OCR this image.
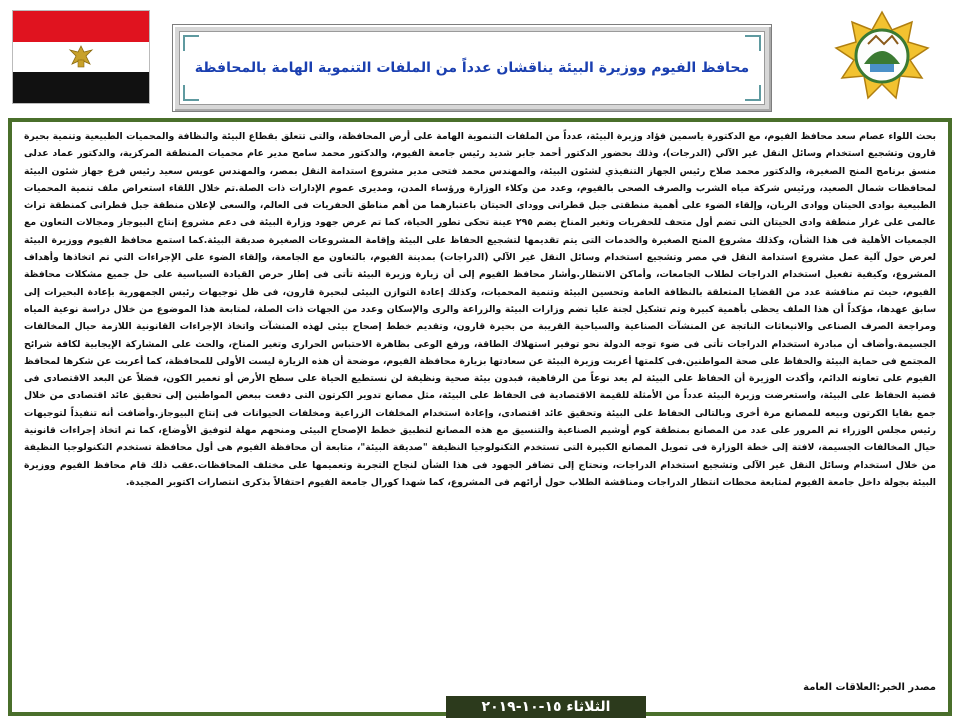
محافظ الفيوم ووزيرة البيئة يناقشان عدداً من الملفات التنموية الهامة بالمحافظة
بحث اللواء عصام سعد محافظ الفيوم، مع الدكتورة ياسمين فؤاد وزيرة البيئة، عدداً من الملفات التنموية الهامة على أرض المحافظة، والتى تتعلق بقطاع البيئة والنظافة والمحميات الطبيعية وتنمية بحيرة قارون وتشجيع استخدام وسائل النقل غير الآلي (الدرجات)، وذلك بحضور الدكتور أحمد جابر شديد رئيس جامعة الفيوم، والدكتور محمد سامح مدير عام محميات المنطقة المركزية، والدكتور عماد عدلى منسق برنامج المنح الصغيرة، والدكتور محمد صلاح رئيس الجهاز التنفيذي لشئون البيئة، والمهندس محمد فتحى مدير مشروع استدامة النقل بمصر، والمهندس عويس سعيد رئيس فرع جهاز شئون البيئة لمحافظات شمال الصعيد، ورئيس شركة مياه الشرب والصرف الصحى بالفيوم، وعدد من وكلاء الوزارة ورؤساء المدن، ومديرى عموم الإدارات ذات الصلة.تم خلال اللقاء استعراض ملف تنمية المحميات الطبيعية بوادى الحيتان ووادى الريان، وإلقاء الضوء على أهمية منطقتى جبل قطرانى ووداى الحيتان باعتبارهما من أهم مناطق الحفريات فى العالم، والسعى لإعلان منطقة جبل قطرانى كمنطقة تراث عالمى على غرار منطقة وادى الحيتان التى تضم أول متحف للحفريات وتغير المناخ يضم ٢٩٥ عينة تحكى تطور الحياة، كما تم عرض جهود وزارة البيئة فى دعم مشروع إنتاج البيوجاز ومجالات التعاون مع الجمعيات الأهلية فى هذا الشأن، وكذلك مشروع المنح الصغيرة والخدمات التى يتم تقديمها لتشجيع الحفاظ على البيئة وإقامة المشروعات الصغيرة صديقة البيئة.كما استمع محافظ الفيوم ووزيرة البيئة لعرض حول آلية عمل مشروع استدامة النقل في مصر وتشجيع استخدام وسائل النقل غير الآلي (الدراجات) بمدينة الفيوم، بالتعاون مع الجامعة، وإلقاء الضوء على الإجراءات التي تم اتخاذها وأهداف المشروع، وكيفية تفعيل استخدام الدراجات لطلاب الجامعات، وأماكن الانتظار.وأشار محافظ الفيوم إلى أن زيارة وزيرة البيئة تأتى فى إطار حرص القيادة السياسية على حل جميع مشكلات محافظة الفيوم، حيث تم مناقشة عدد من القضايا المتعلقة بالنظافة العامة وتحسين البيئة وتنمية المحميات، وكذلك إعادة التوازن البيئى لبحيرة قارون، فى ظل توجيهات رئيس الجمهورية بإعادة البحيرات إلى سابق عهدها، مؤكداً أن هذا الملف يحظى بأهمية كبيرة وتم تشكيل لجنة عليا تضم وزارات البيئة والزراعة والرى والإسكان وعدد من الجهات ذات الصلة، لمتابعة هذا الموضوع من خلال دراسة نوعية المياه ومراجعة الصرف الصناعى والانبعاثات الناتجة عن المنشآت الصناعية والسياحية القريبة من بحيرة قارون، وتقديم خطط إصحاح بيئى لهذه المنشآت واتخاذ الإجراءات القانونية اللازمة حيال المخالفات الجسيمة.وأضاف أن مبادرة استخدام الدراجات تأتى فى ضوء توجه الدولة نحو توفير استهلاك الطاقة، ورفع الوعى بظاهرة الاحتباس الحرارى وتغير المناخ، والحث على المشاركة الإيجابية لكافة شرائح المجتمع فى حماية البيئة والحفاظ على صحة المواطنين.فى كلمتها أعربت وزيرة البيئة عن سعادتها بزيارة محافظة الفيوم، موضحة أن هذه الزيارة ليست الأولى للمحافظة، كما أعربت عن شكرها لمحافظ الفيوم على تعاونه الدائم، وأكدت الوزيرة أن الحفاظ على البيئة لم يعد نوعاً من الرفاهية، فبدون بيئة صحية ونظيفة لن نستطيع الحياة على سطح الأرض أو تعمير الكون، فضلاً عن البعد الاقتصادى فى قضية الحفاظ على البيئة، واستعرضت وزيرة البيئة عدداً من الأمثلة للقيمة الاقتصادية فى الحفاظ على البيئة، مثل مصانع تدوير الكرتون التى دفعت ببعض المواطنين إلى تحقيق عائد اقتصادى من خلال جمع بقايا الكرتون وبيعه للمصانع مرة أخرى وبالتالى الحفاظ على البيئة وتحقيق عائد اقتصادى، وإعادة استخدام المخلفات الزراعية ومخلفات الحيوانات فى إنتاج البيوجاز.وأضافت أنه تنفيذاً لتوجيهات رئيس مجلس الوزراء تم المرور على عدد من المصانع بمنطقة كوم أوشيم الصناعية والتنسيق مع هذه المصانع لتطبيق خطط الإصحاح البيئى ومنحهم مهلة لتوفيق الأوضاع، كما تم اتخاذ إجراءات قانونية حيال المخالفات الجسيمة، لافتة إلى خطة الوزارة فى تمويل المصانع الكبيرة التى تستخدم التكنولوجيا النظيفة "صديقة البيئة"، متابعة أن محافظة الفيوم هى أول محافظة تستخدم التكنولوجيا النظيفة من خلال استخدام وسائل النقل غير الآلى وتشجيع استخدام الدراجات، ونحتاج إلى تضافر الجهود فى هذا الشأن لنجاح التجربة وتعميمها على مختلف المحافظات.عقب ذلك قام محافظ الفيوم ووزيرة البيئة بجولة داخل جامعة الفيوم لمتابعة محطات انتظار الدراجات ومناقشة الطلاب حول أرائهم فى المشروع، كما شهدا كورال جامعة الفيوم احتفالاً بذكرى انتصارات اكتوبر المجيدة.
مصدر الخبر:العلاقات العامة
الثلاثاء ١٥-١٠-٢٠١٩
